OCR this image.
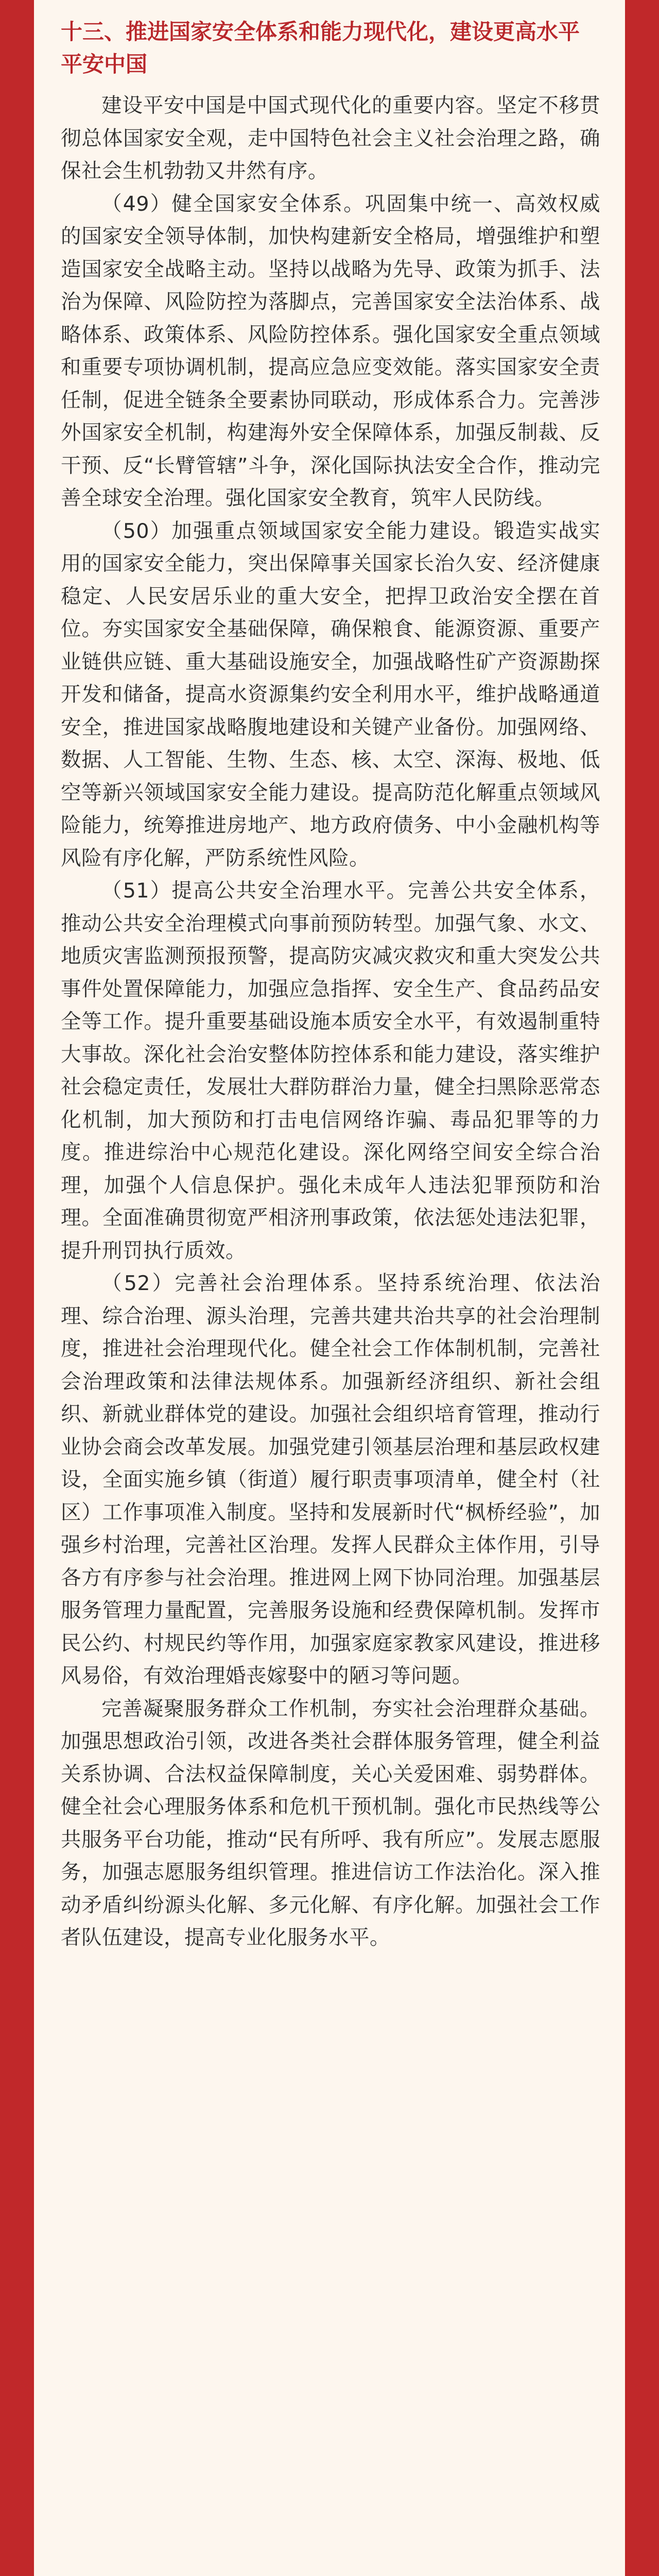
十三、推进国家安全体系和能力现代化，建设更高水平平安中国

建设平安中国是中国式现代化的重要内容。坚定不移贯彻总体国家安全观，走中国特色社会主义社会治理之路，确保社会生机勃勃又井然有序。

（49）健全国家安全体系。巩固集中统一、高效权威的国家安全领导体制，加快构建新安全格局，增强维护和塑造国家安全战略主动。坚持以战略为先导、政策为抓手、法治为保障、风险防控为落脚点，完善国家安全法治体系、战略体系、政策体系、风险防控体系。强化国家安全重点领域和重要专项协调机制，提高应急应变效能。落实国家安全责任制，促进全链条全要素协同联动，形成体系合力。完善涉外国家安全机制，构建海外安全保障体系，加强反制裁、反干预、反“长臂管辖”斗争，深化国际执法安全合作，推动完善全球安全治理。强化国家安全教育，筑牢人民防线。

（50）加强重点领域国家安全能力建设。锻造实战实用的国家安全能力，突出保障事关国家长治久安、经济健康稳定、人民安居乐业的重大安全，把捍卫政治安全摆在首位。夯实国家安全基础保障，确保粮食、能源资源、重要产业链供应链、重大基础设施安全，加强战略性矿产资源勘探开发和储备，提高水资源集约安全利用水平，维护战略通道安全，推进国家战略腹地建设和关键产业备份。加强网络、数据、人工智能、生物、生态、核、太空、深海、极地、低空等新兴领域国家安全能力建设。提高防范化解重点领域风险能力，统筹推进房地产、地方政府债务、中小金融机构等风险有序化解，严防系统性风险。

（51）提高公共安全治理水平。完善公共安全体系，推动公共安全治理模式向事前预防转型。加强气象、水文、地质灾害监测预报预警，提高防灾减灾救灾和重大突发公共事件处置保障能力，加强应急指挥、安全生产、食品药品安全等工作。提升重要基础设施本质安全水平，有效遏制重特大事故。深化社会治安整体防控体系和能力建设，落实维护社会稳定责任，发展壮大群防群治力量，健全扫黑除恶常态化机制，加大预防和打击电信网络诈骗、毒品犯罪等的力度。推进综治中心规范化建设。深化网络空间安全综合治理，加强个人信息保护。强化未成年人违法犯罪预防和治理。全面准确贯彻宽严相济刑事政策，依法惩处违法犯罪，提升刑罚执行质效。

（52）完善社会治理体系。坚持系统治理、依法治理、综合治理、源头治理，完善共建共治共享的社会治理制度，推进社会治理现代化。健全社会工作体制机制，完善社会治理政策和法律法规体系。加强新经济组织、新社会组织、新就业群体党的建设。加强社会组织培育管理，推动行业协会商会改革发展。加强党建引领基层治理和基层政权建设，全面实施乡镇（街道）履行职责事项清单，健全村（社区）工作事项准入制度。坚持和发展新时代“枫桥经验”，加强乡村治理，完善社区治理。发挥人民群众主体作用，引导各方有序参与社会治理。推进网上网下协同治理。加强基层服务管理力量配置，完善服务设施和经费保障机制。发挥市民公约、村规民约等作用，加强家庭家教家风建设，推进移风易俗，有效治理婚丧嫁娶中的陋习等问题。

完善凝聚服务群众工作机制，夯实社会治理群众基础。加强思想政治引领，改进各类社会群体服务管理，健全利益关系协调、合法权益保障制度，关心关爱困难、弱势群体。健全社会心理服务体系和危机干预机制。强化市民热线等公共服务平台功能，推动“民有所呼、我有所应”。发展志愿服务，加强志愿服务组织管理。推进信访工作法治化。深入推动矛盾纠纷源头化解、多元化解、有序化解。加强社会工作者队伍建设，提高专业化服务水平。
